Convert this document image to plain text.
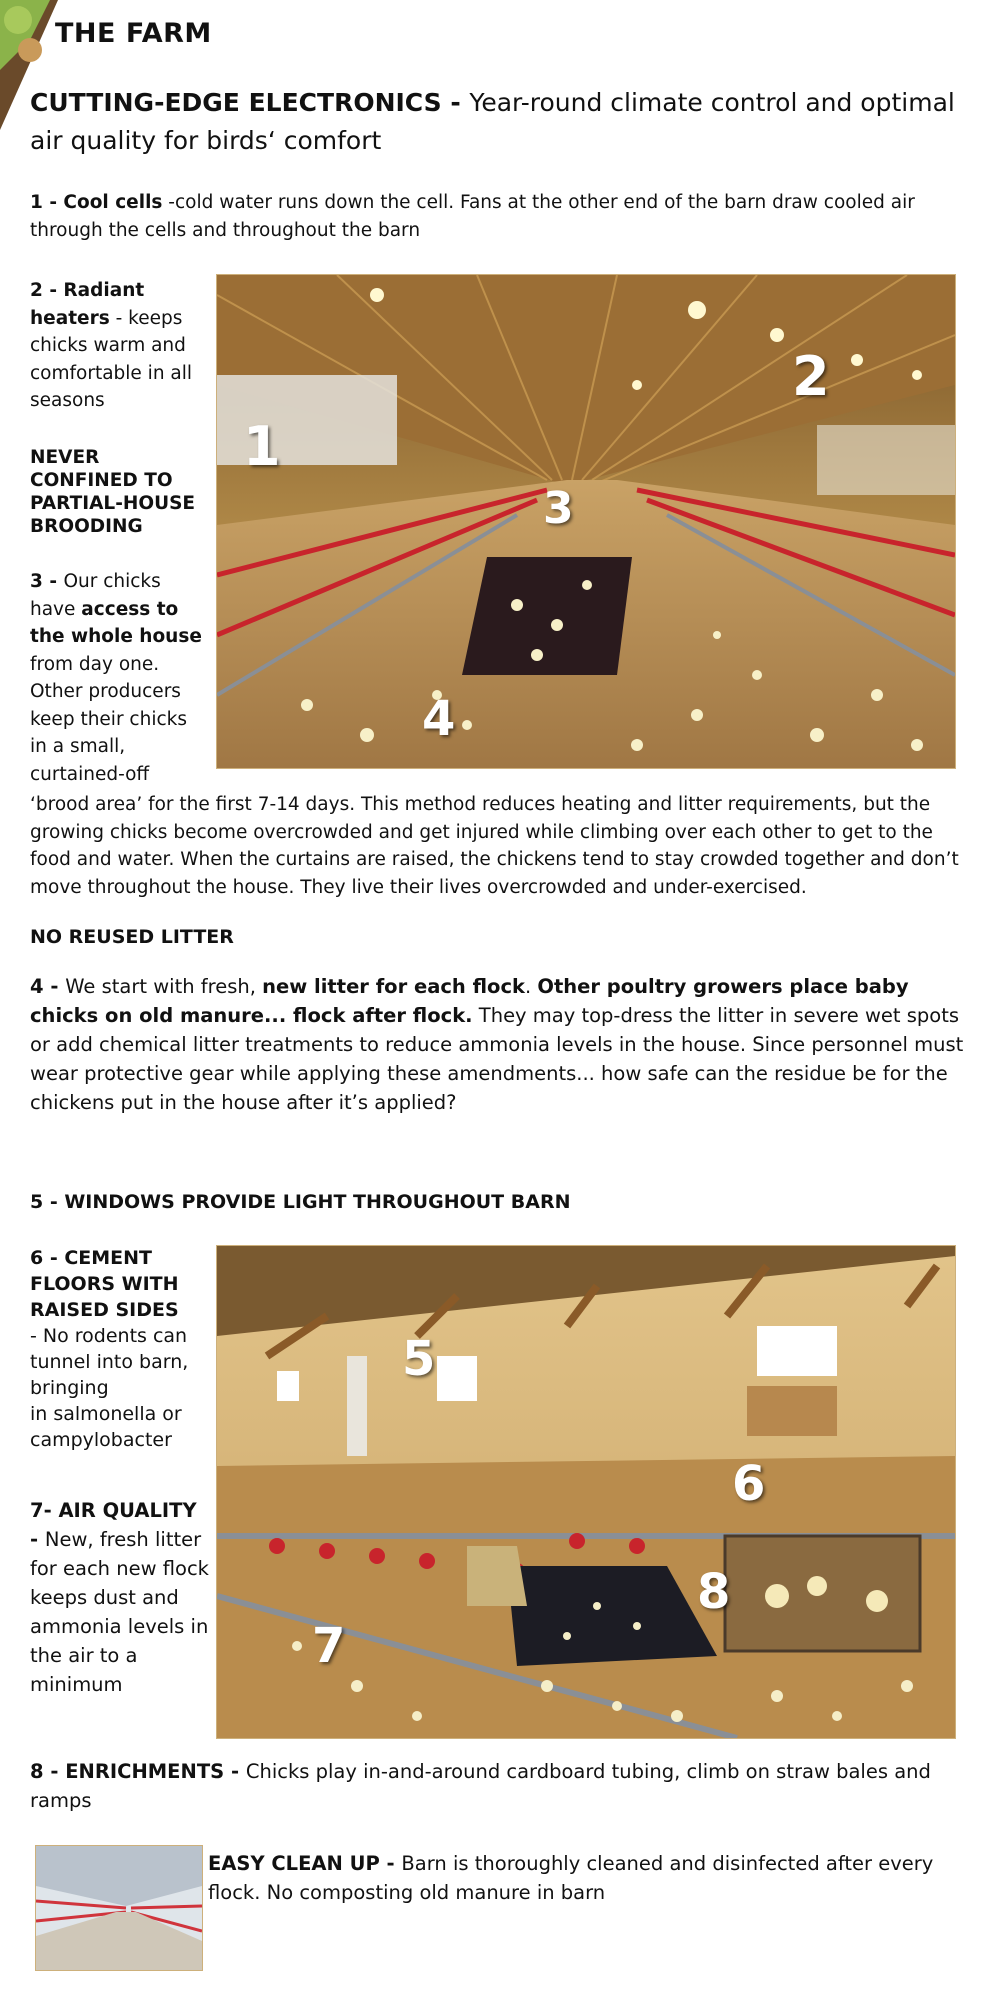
THE FARM
CUTTING-EDGE ELECTRONICS - Year-round climate control and optimal air quality for birds‘ comfort
1 - Cool cells -cold water runs down the cell. Fans at the other end of the barn draw cooled air through the cells and throughout the barn
2 - Radiant heaters - keeps chicks warm and comfortable in all seasons
NEVER CONFINED TO PARTIAL-HOUSE BROODING
3 - Our chicks have access to the whole house from day one. Other producers keep their chicks in a small, curtained-off
1
2
3
4
‘brood area’ for the first 7-14 days. This method reduces heating and litter requirements, but the growing chicks become overcrowded and get injured while climbing over each other to get to the food and water. When the curtains are raised, the chickens tend to stay crowded together and don’t move throughout the house. They live their lives overcrowded and under-exercised.
NO REUSED LITTER
4 - We start with fresh, new litter for each flock. Other poultry growers place baby chicks on old manure... flock after flock. They may top-dress the litter in severe wet spots or add chemical litter treatments to reduce ammonia levels in the house. Since personnel must wear protective gear while applying these amendments... how safe can the residue be for the chickens put in the house after it’s applied?
5 - WINDOWS PROVIDE LIGHT THROUGHOUT BARN
6 - CEMENT FLOORS WITH RAISED SIDES
- No rodents can tunnel into barn, bringing
in salmonella or campylobacter
7- AIR QUALITY - New, fresh litter for each new flock keeps dust and ammonia levels in the air to a minimum
5
6
7
8
8 - ENRICHMENTS - Chicks play in-and-around cardboard tubing, climb on straw bales and ramps
EASY CLEAN UP - Barn is thoroughly cleaned and disinfected after every flock. No composting old manure in barn
